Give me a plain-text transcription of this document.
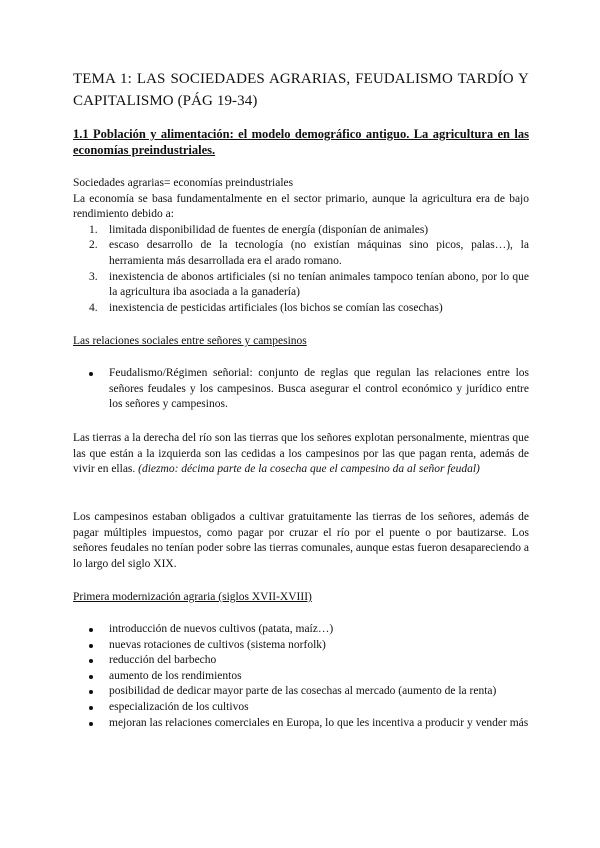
TEMA 1: LAS SOCIEDADES AGRARIAS, FEUDALISMO TARDÍO Y CAPITALISMO (PÁG 19-34)
1.1 Población y alimentación: el modelo demográfico antiguo. La agricultura en las economías preindustriales.

Sociedades agrarias= economías preindustriales

La economía se basa fundamentalmente en el sector primario, aunque la agricultura era de bajo rendimiento debido a:

1. limitada disponibilidad de fuentes de energía (disponían de animales)
2. escaso desarrollo de la tecnología (no existían máquinas sino picos, palas…), la herramienta más desarrollada era el arado romano.
3. inexistencia de abonos artificiales (si no tenían animales tampoco tenían abono, por lo que la agricultura iba asociada a la ganadería)
4. inexistencia de pesticidas artificiales (los bichos se comían las cosechas)

Las relaciones sociales entre señores y campesinos

Feudalismo/Régimen señorial: conjunto de reglas que regulan las relaciones entre los señores feudales y los campesinos. Busca asegurar el control económico y jurídico entre los señores y campesinos.

Las tierras a la derecha del río son las tierras que los señores explotan personalmente, mientras que las que están a la izquierda son las cedidas a los campesinos por las que pagan renta, además de vivir en ellas. (diezmo: décima parte de la cosecha que el campesino da al señor feudal)

Los campesinos estaban obligados a cultivar gratuitamente las tierras de los señores, además de pagar múltiples impuestos, como pagar por cruzar el río por el puente o por bautizarse. Los señores feudales no tenían poder sobre las tierras comunales, aunque estas fueron desapareciendo a lo largo del siglo XIX.

Primera modernización agraria (siglos XVII-XVIII)

introducción de nuevos cultivos (patata, maíz…)
nuevas rotaciones de cultivos (sistema norfolk)
reducción del barbecho
aumento de los rendimientos
posibilidad de dedicar mayor parte de las cosechas al mercado (aumento de la renta)
especialización de los cultivos
mejoran las relaciones comerciales en Europa, lo que les incentiva a producir y vender más
